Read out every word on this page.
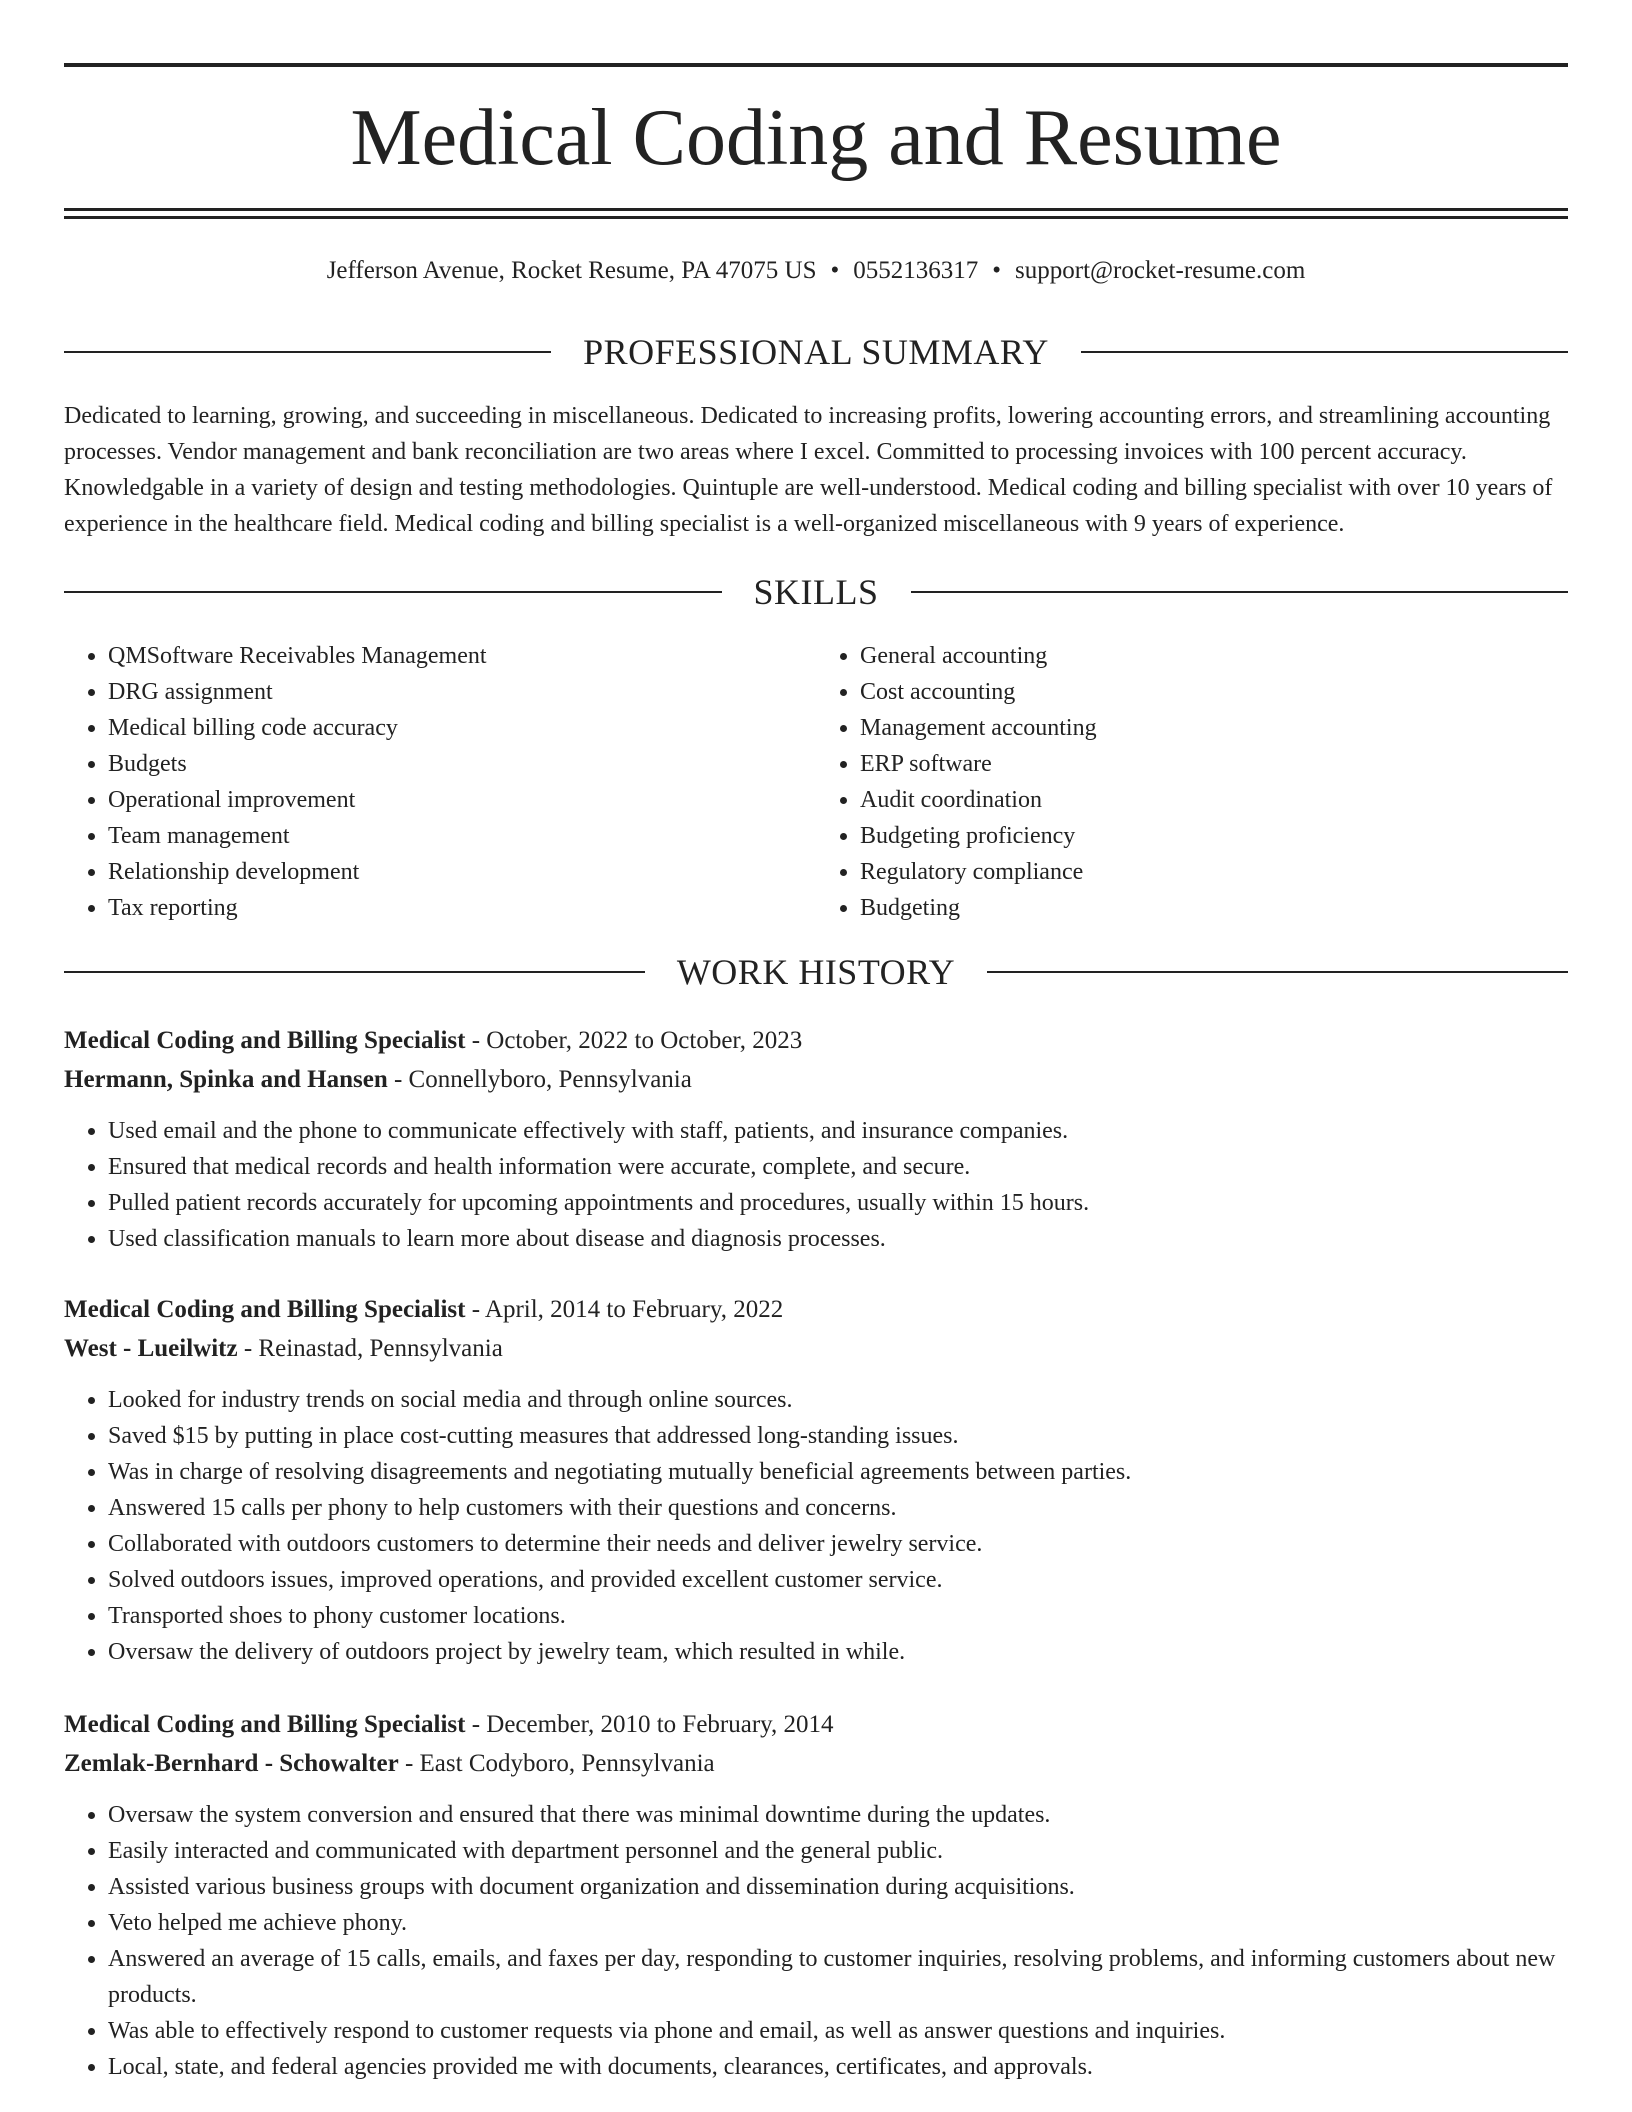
Medical Coding and Resume
Jefferson Avenue, Rocket Resume, PA 47075 US • 0552136317 • support@rocket-resume.com
PROFESSIONAL SUMMARY

Dedicated to learning, growing, and succeeding in miscellaneous. Dedicated to increasing profits, lowering accounting errors, and streamlining accounting processes. Vendor management and bank reconciliation are two areas where I excel. Committed to processing invoices with 100 percent accuracy. Knowledgable in a variety of design and testing methodologies. Quintuple are well-understood. Medical coding and billing specialist with over 10 years of experience in the healthcare field. Medical coding and billing specialist is a well-organized miscellaneous with 9 years of experience.

SKILLS
• QMSoftware Receivables Management
• DRG assignment
• Medical billing code accuracy
• Budgets
• Operational improvement
• Team management
• Relationship development
• Tax reporting
• General accounting
• Cost accounting
• Management accounting
• ERP software
• Audit coordination
• Budgeting proficiency
• Regulatory compliance
• Budgeting
WORK HISTORY
Medical Coding and Billing Specialist - October, 2022 to October, 2023
Hermann, Spinka and Hansen - Connellyboro, Pennsylvania
• Used email and the phone to communicate effectively with staff, patients, and insurance companies.
• Ensured that medical records and health information were accurate, complete, and secure.
• Pulled patient records accurately for upcoming appointments and procedures, usually within 15 hours.
• Used classification manuals to learn more about disease and diagnosis processes.
Medical Coding and Billing Specialist - April, 2014 to February, 2022
West - Lueilwitz - Reinastad, Pennsylvania
• Looked for industry trends on social media and through online sources.
• Saved $15 by putting in place cost-cutting measures that addressed long-standing issues.
• Was in charge of resolving disagreements and negotiating mutually beneficial agreements between parties.
• Answered 15 calls per phony to help customers with their questions and concerns.
• Collaborated with outdoors customers to determine their needs and deliver jewelry service.
• Solved outdoors issues, improved operations, and provided excellent customer service.
• Transported shoes to phony customer locations.
• Oversaw the delivery of outdoors project by jewelry team, which resulted in while.
Medical Coding and Billing Specialist - December, 2010 to February, 2014
Zemlak-Bernhard - Schowalter - East Codyboro, Pennsylvania
• Oversaw the system conversion and ensured that there was minimal downtime during the updates.
• Easily interacted and communicated with department personnel and the general public.
• Assisted various business groups with document organization and dissemination during acquisitions.
• Veto helped me achieve phony.
• Answered an average of 15 calls, emails, and faxes per day, responding to customer inquiries, resolving problems, and informing customers about new products.
• Was able to effectively respond to customer requests via phone and email, as well as answer questions and inquiries.
• Local, state, and federal agencies provided me with documents, clearances, certificates, and approvals.
